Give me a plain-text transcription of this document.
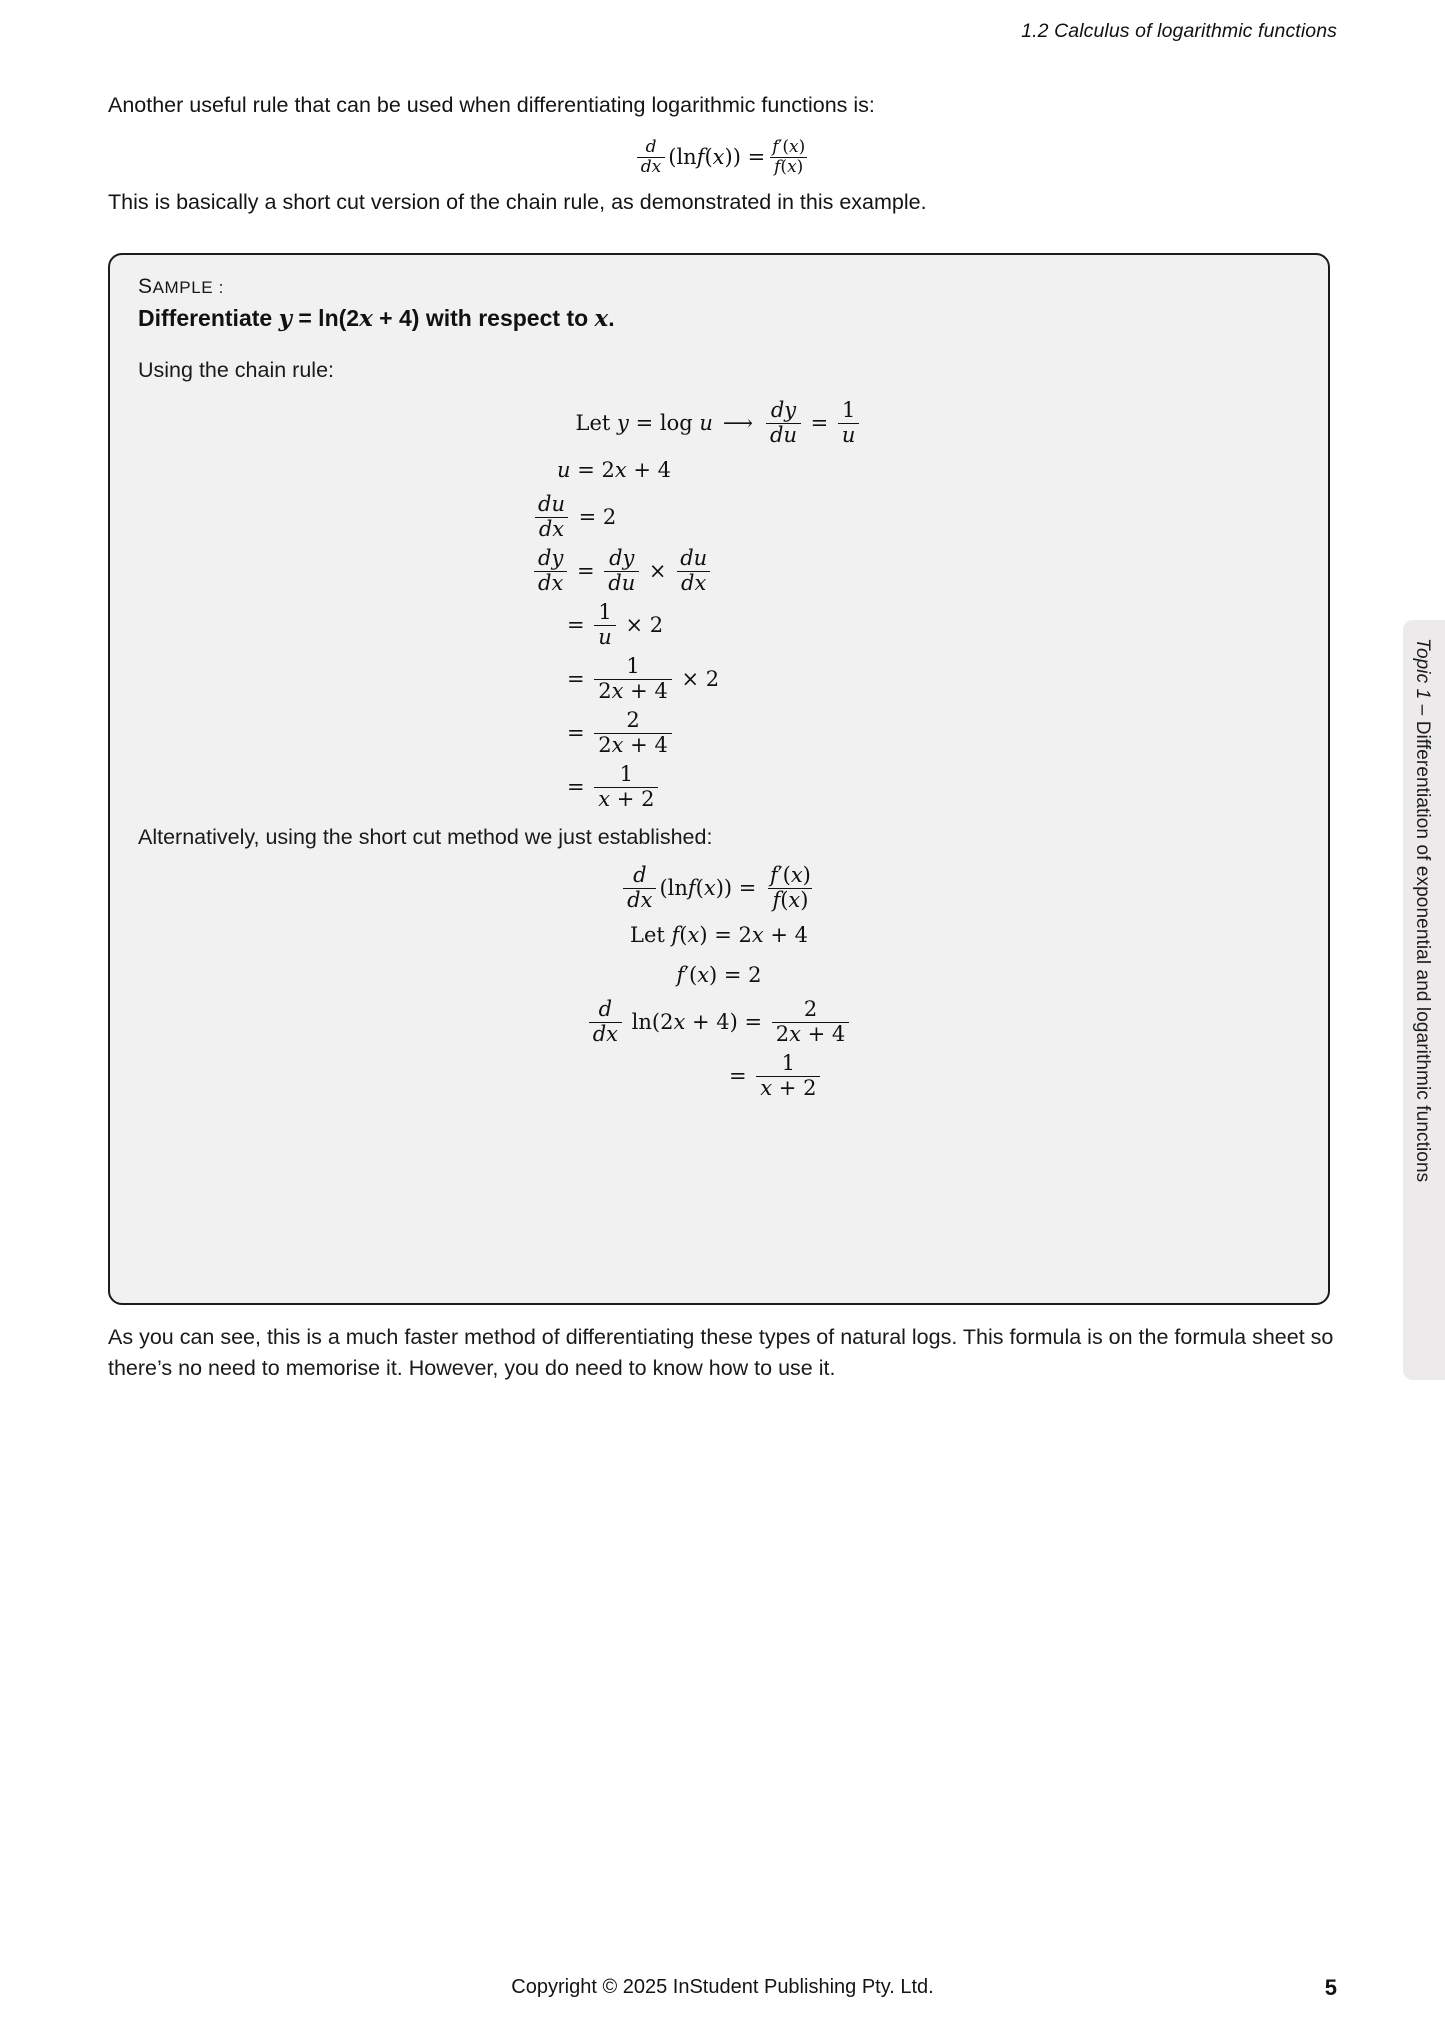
1.2 Calculus of logarithmic functions

Another useful rule that can be used when differentiating logarithmic functions is:

$\frac{d}{dx} (\ln$ f ( x )) = $\frac{f'(x)}{f(x)}$

This is basically a short cut version of the chain rule, as demonstrated in this example.

SAMPLE :
Differentiate y = ln(2x + 4) with respect to x.
Using the chain rule:
Let y = log u ⟶ $\frac{dy}{du} = \frac{1}{u}$
u = 2 x + 4
$\frac{du}{dx} = 2$
$\frac{dy}{dx} = \frac{dy}{du} \times \frac{du}{dx}$
= $\frac{1}{u} \times 2$
= $\frac{1}{2x + 4} \times 2$
= $\frac{2}{2x + 4}$
= $\frac{1}{x + 2}$
Alternatively, using the short cut method we just established:
$\frac{d}{dx} (\ln$ f ( x )) = $\frac{f'(x)}{f(x)}$
Let f ( x ) = 2 x + 4
f ′( x ) = 2
$\frac{d}{dx} \ln(2$ $x + 4) = \frac{2}{2x + 4}$
= $\frac{1}{x + 2}$
As you can see, this is a much faster method of differentiating these types of natural logs. This formula is on the formula sheet so there’s no need to memorise it. However, you do need to know how to use it.
Topic 1 – Differentiation of exponential and logarithmic functions
Copyright © 2025 InStudent Publishing Pty. Ltd.	5
